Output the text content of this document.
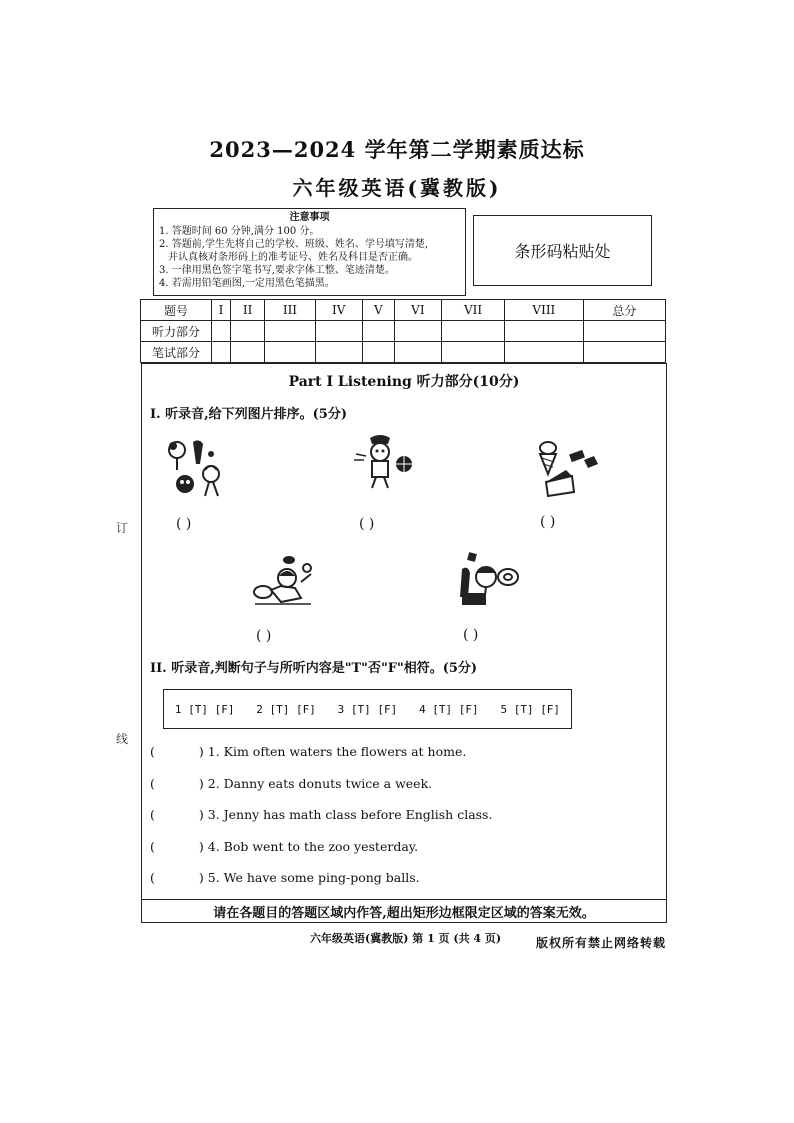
2023—2024 学年第二学期素质达标
六年级英语(冀教版)
注意事项
1. 答题时间 60 分钟,满分 100 分。
2. 答题前,学生先将自己的学校、班级、姓名、学号填写清楚,
并认真核对条形码上的准考证号、姓名及科目是否正确。
3. 一律用黑色签字笔书写,要求字体工整、笔迹清楚。
4. 若需用铅笔画图,一定用黑色笔描黑。
条形码粘贴处
题号	I	II	III	IV	V	VI	VII	VIII	总分
听力部分									
笔试部分									
Part I Listening 听力部分(10分)
I. 听录音,给下列图片排序。(5分)
( )	( )	( )
( )	( )
II. 听录音,判断句子与所听内容是"T"否"F"相符。(5分)
1 [T] [F] 2 [T] [F] 3 [T] [F] 4 [T] [F] 5 [T] [F]
(	) 1. Kim often waters the flowers at home.
(	) 2. Danny eats donuts twice a week.
(	) 3. Jenny has math class before English class.
(	) 4. Bob went to the zoo yesterday.
(	) 5. We have some ping-pong balls.
请在各题目的答题区域内作答,超出矩形边框限定区域的答案无效。
六年级英语(冀教版) 第 1 页 (共 4 页)	版权所有禁止网络转载
订
线
